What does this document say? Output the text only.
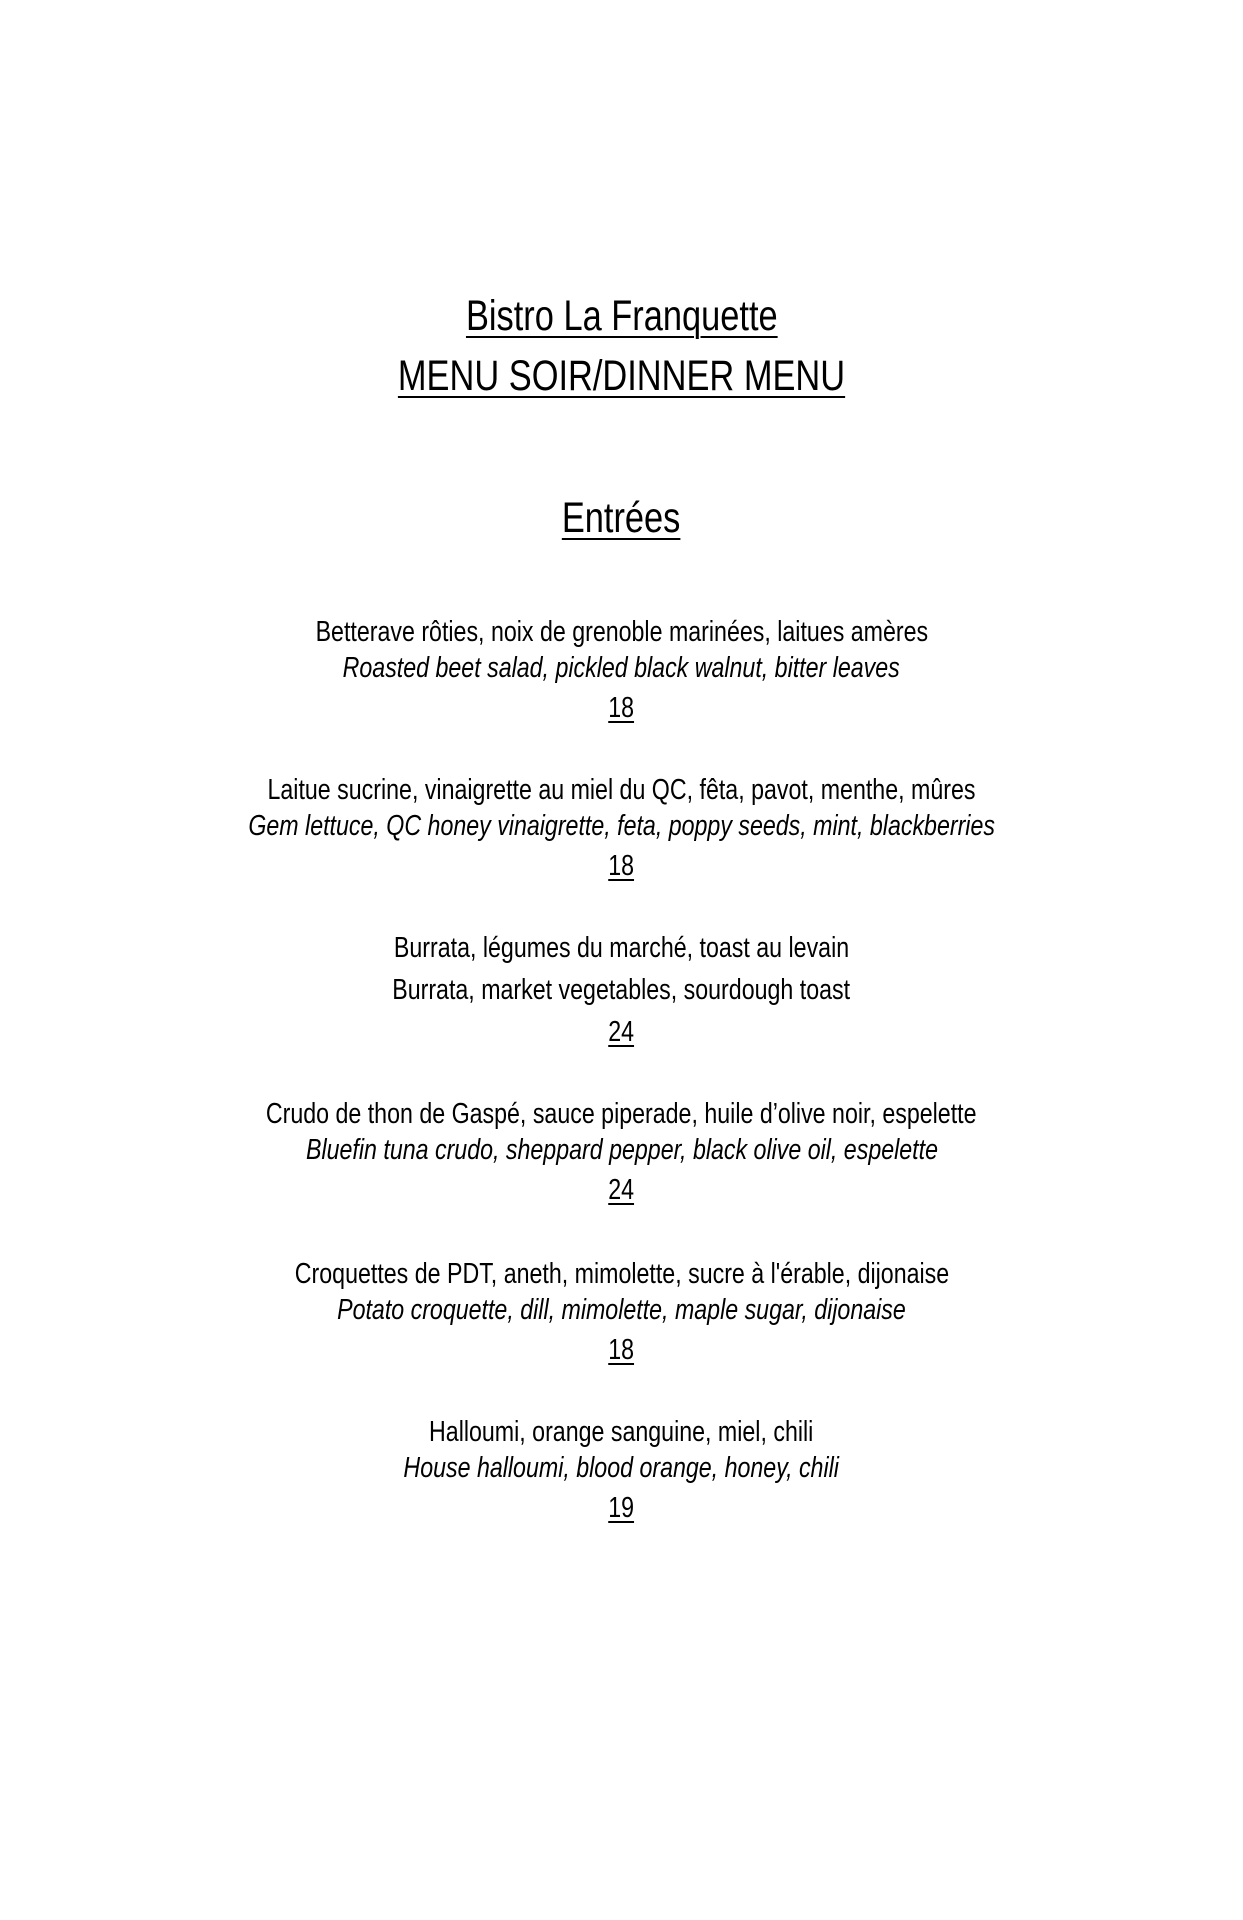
Bistro La Franquette
MENU SOIR/DINNER MENU
Entrées
Betterave rôties, noix de grenoble marinées, laitues amères
Roasted beet salad, pickled black walnut, bitter leaves
18
Laitue sucrine, vinaigrette au miel du QC, fêta, pavot, menthe, mûres
Gem lettuce, QC honey vinaigrette, feta, poppy seeds, mint, blackberries
18
Burrata, légumes du marché, toast au levain
Burrata, market vegetables, sourdough toast
24
Crudo de thon de Gaspé, sauce piperade, huile d’olive noir, espelette
Bluefin tuna crudo, sheppard pepper, black olive oil, espelette
24
Croquettes de PDT, aneth, mimolette, sucre à l'érable, dijonaise
Potato croquette, dill, mimolette, maple sugar, dijonaise
18
Halloumi, orange sanguine, miel, chili
House halloumi, blood orange, honey, chili
19
